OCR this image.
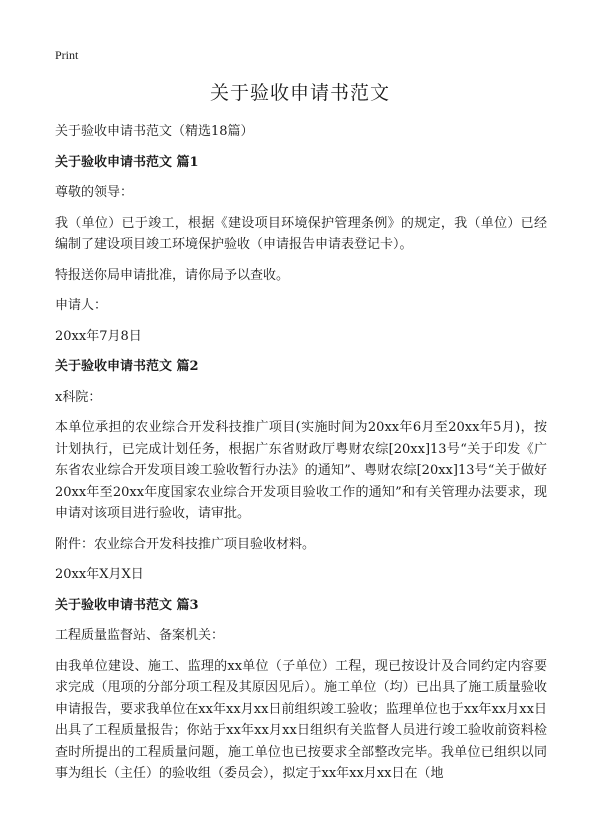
Print
关于验收申请书范文

关于验收申请书范文（精选18篇）

关于验收申请书范文 篇1

尊敬的领导：

我（单位）已于竣工，根据《建设项目环境保护管理条例》的规定，我（单位）已经编制了建设项目竣工环境保护验收（申请报告申请表登记卡）。

特报送你局申请批准，请你局予以查收。

申请人：

20xx年7月8日

关于验收申请书范文 篇2

x科院：

本单位承担的农业综合开发科技推广项目(实施时间为20xx年6月至20xx年5月)，按计划执行，已完成计划任务，根据广东省财政厅粤财农综[20xx]13号“关于印发《广东省农业综合开发项目竣工验收暂行办法》的通知”、粤财农综[20xx]13号“关于做好20xx年至20xx年度国家农业综合开发项目验收工作的通知”和有关管理办法要求，现申请对该项目进行验收，请审批。

附件：农业综合开发科技推广项目验收材料。

20xx年X月X日

关于验收申请书范文 篇3

工程质量监督站、备案机关：

由我单位建设、施工、监理的xx单位（子单位）工程，现已按设计及合同约定内容要求完成（甩项的分部分项工程及其原因见后）。施工单位（均）已出具了施工质量验收申请报告，要求我单位在xx年xx月xx日前组织竣工验收；监理单位也于xx年xx月xx日出具了工程质量报告；你站于xx年xx月xx日组织有关监督人员进行竣工验收前资料检查时所提出的工程质量问题，施工单位也已按要求全部整改完毕。我单位已组织以同事为组长（主任）的验收组（委员会），拟定于xx年xx月xx日在（地
